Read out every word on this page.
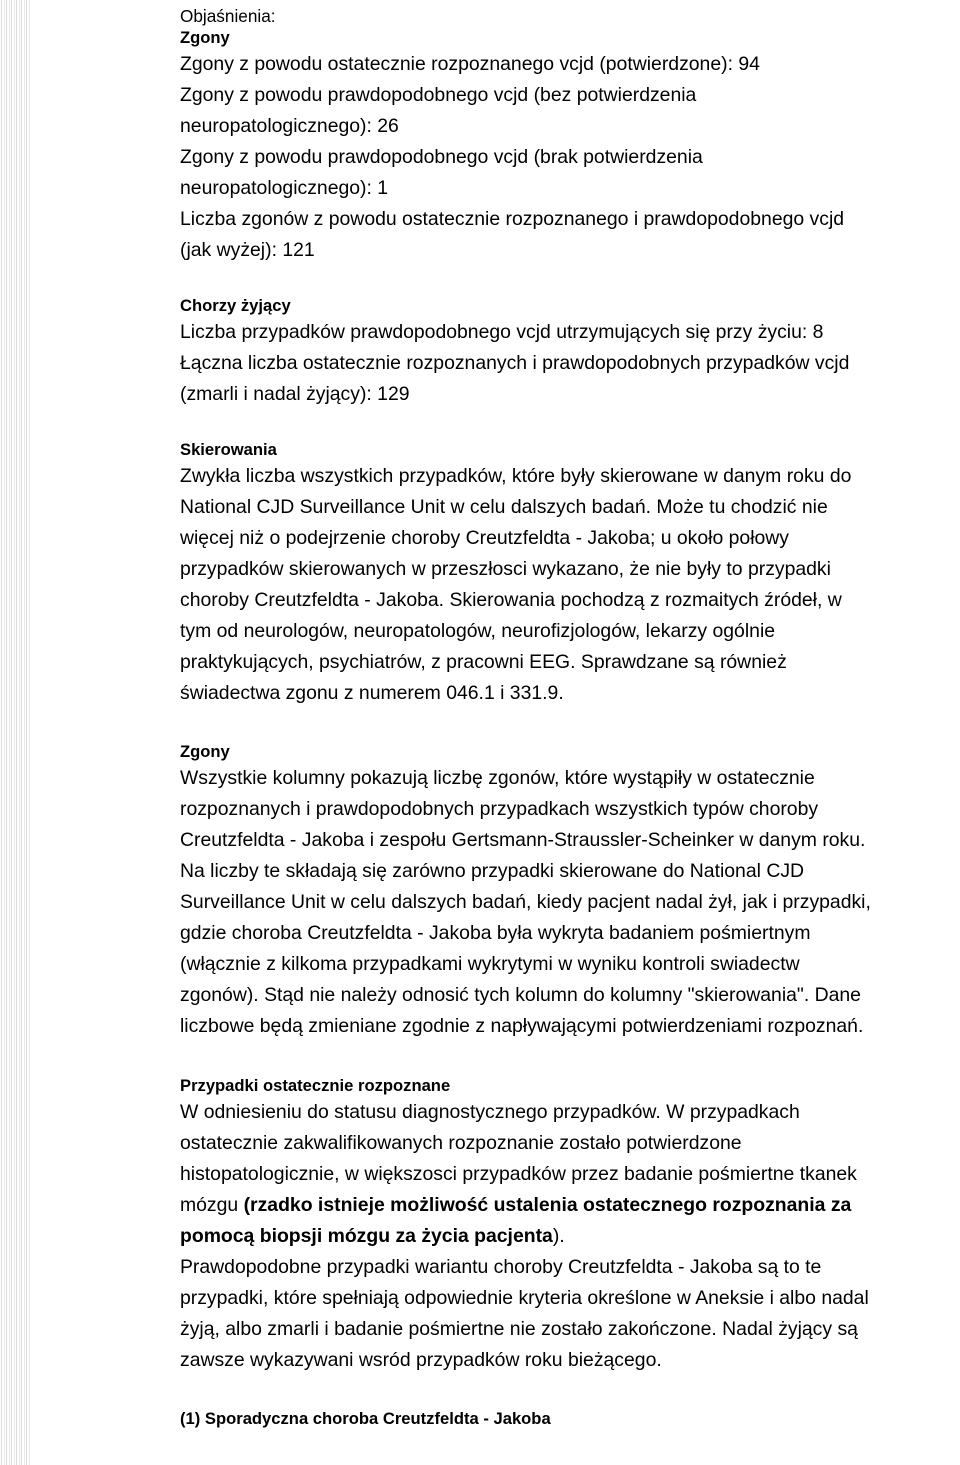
Objaśnienia:
Zgony
Zgony z powodu ostatecznie rozpoznanego vcjd (potwierdzone): 94
Zgony z powodu prawdopodobnego vcjd (bez potwierdzenia
neuropatologicznego): 26
Zgony z powodu prawdopodobnego vcjd (brak potwierdzenia
neuropatologicznego): 1
Liczba zgonów z powodu ostatecznie rozpoznanego i prawdopodobnego vcjd
(jak wyżej): 121
Chorzy żyjący
Liczba przypadków prawdopodobnego vcjd utrzymujących się przy życiu: 8
Łączna liczba ostatecznie rozpoznanych i prawdopodobnych przypadków vcjd
(zmarli i nadal żyjący): 129
Skierowania
Zwykła liczba wszystkich przypadków, które były skierowane w danym roku do
National CJD Surveillance Unit w celu dalszych badań. Może tu chodzić nie
więcej niż o podejrzenie choroby Creutzfeldta - Jakoba; u około połowy
przypadków skierowanych w przeszłosci wykazano, że nie były to przypadki
choroby Creutzfeldta - Jakoba. Skierowania pochodzą z rozmaitych źródeł, w
tym od neurologów, neuropatologów, neurofizjologów, lekarzy ogólnie
praktykujących, psychiatrów, z pracowni EEG. Sprawdzane są również
świadectwa zgonu z numerem 046.1 i 331.9.
Zgony
Wszystkie kolumny pokazują liczbę zgonów, które wystąpiły w ostatecznie
rozpoznanych i prawdopodobnych przypadkach wszystkich typów choroby
Creutzfeldta - Jakoba i zespołu Gertsmann-Straussler-Scheinker w danym roku.
Na liczby te składają się zarówno przypadki skierowane do National CJD
Surveillance Unit w celu dalszych badań, kiedy pacjent nadal żył, jak i przypadki,
gdzie choroba Creutzfeldta - Jakoba była wykryta badaniem pośmiertnym
(włącznie z kilkoma przypadkami wykrytymi w wyniku kontroli swiadectw
zgonów). Stąd nie należy odnosić tych kolumn do kolumny "skierowania". Dane
liczbowe będą zmieniane zgodnie z napływającymi potwierdzeniami rozpoznań.
Przypadki ostatecznie rozpoznane
W odniesieniu do statusu diagnostycznego przypadków. W przypadkach
ostatecznie zakwalifikowanych rozpoznanie zostało potwierdzone
histopatologicznie, w większosci przypadków przez badanie pośmiertne tkanek
mózgu (rzadko istnieje możliwość ustalenia ostatecznego rozpoznania za
pomocą biopsji mózgu za życia pacjenta).
Prawdopodobne przypadki wariantu choroby Creutzfeldta - Jakoba są to te
przypadki, które spełniają odpowiednie kryteria określone w Aneksie i albo nadal
żyją, albo zmarli i badanie pośmiertne nie zostało zakończone. Nadal żyjący są
zawsze wykazywani wsród przypadków roku bieżącego.
(1) Sporadyczna choroba Creutzfeldta - Jakoba
